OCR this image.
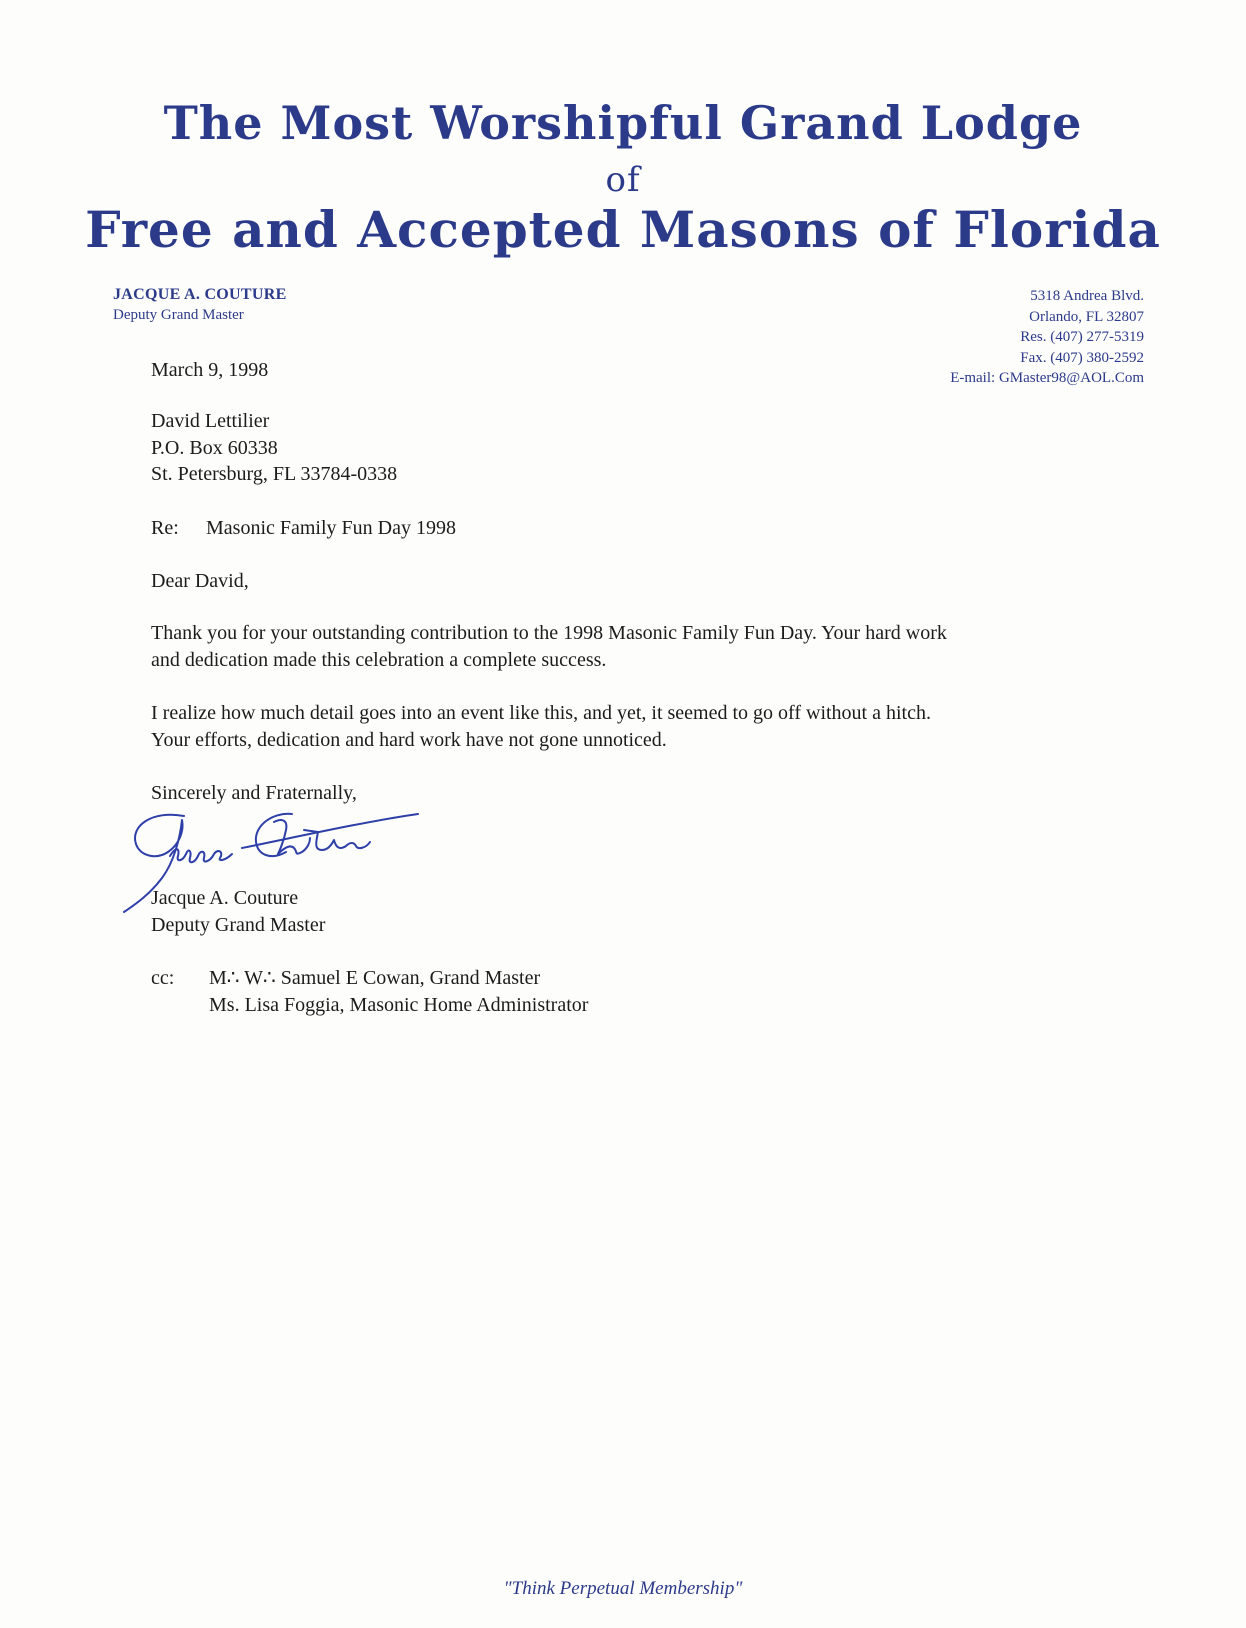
The Most Worshipful Grand Lodge
of
Free and Accepted Masons of Florida
JACQUE A. COUTURE
Deputy Grand Master
5318 Andrea Blvd.
Orlando, FL 32807
Res. (407) 277-5319
Fax. (407) 380-2592
E-mail: GMaster98@AOL.Com
March 9, 1998
David Lettilier
P.O. Box 60338
St. Petersburg, FL 33784-0338
Re: Masonic Family Fun Day 1998
Dear David,
Thank you for your outstanding contribution to the 1998 Masonic Family Fun Day. Your hard work
and dedication made this celebration a complete success.
I realize how much detail goes into an event like this, and yet, it seemed to go off without a hitch.
Your efforts, dedication and hard work have not gone unnoticed.
Sincerely and Fraternally,
Jacque A. Couture
Deputy Grand Master
cc:	M∴ W∴ Samuel E Cowan, Grand Master
Ms. Lisa Foggia, Masonic Home Administrator
"Think Perpetual Membership"
